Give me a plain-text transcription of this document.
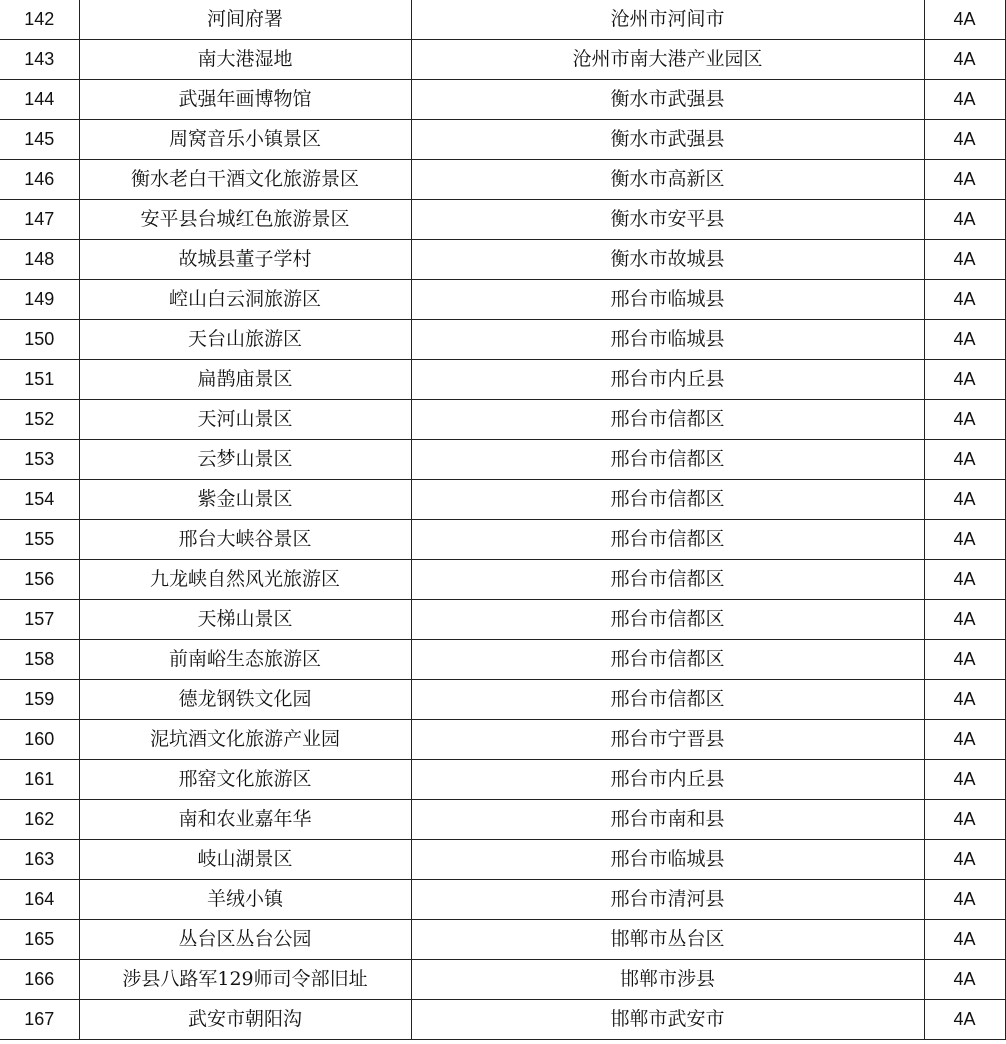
142	河间府署	沧州市河间市	4A
143	南大港湿地	沧州市南大港产业园区	4A
144	武强年画博物馆	衡水市武强县	4A
145	周窝音乐小镇景区	衡水市武强县	4A
146	衡水老白干酒文化旅游景区	衡水市高新区	4A
147	安平县台城红色旅游景区	衡水市安平县	4A
148	故城县董子学村	衡水市故城县	4A
149	崆山白云洞旅游区	邢台市临城县	4A
150	天台山旅游区	邢台市临城县	4A
151	扁鹊庙景区	邢台市内丘县	4A
152	天河山景区	邢台市信都区	4A
153	云梦山景区	邢台市信都区	4A
154	紫金山景区	邢台市信都区	4A
155	邢台大峡谷景区	邢台市信都区	4A
156	九龙峡自然风光旅游区	邢台市信都区	4A
157	天梯山景区	邢台市信都区	4A
158	前南峪生态旅游区	邢台市信都区	4A
159	德龙钢铁文化园	邢台市信都区	4A
160	泥坑酒文化旅游产业园	邢台市宁晋县	4A
161	邢窑文化旅游区	邢台市内丘县	4A
162	南和农业嘉年华	邢台市南和县	4A
163	岐山湖景区	邢台市临城县	4A
164	羊绒小镇	邢台市清河县	4A
165	丛台区丛台公园	邯郸市丛台区	4A
166	涉县八路军129师司令部旧址	邯郸市涉县	4A
167	武安市朝阳沟	邯郸市武安市	4A
